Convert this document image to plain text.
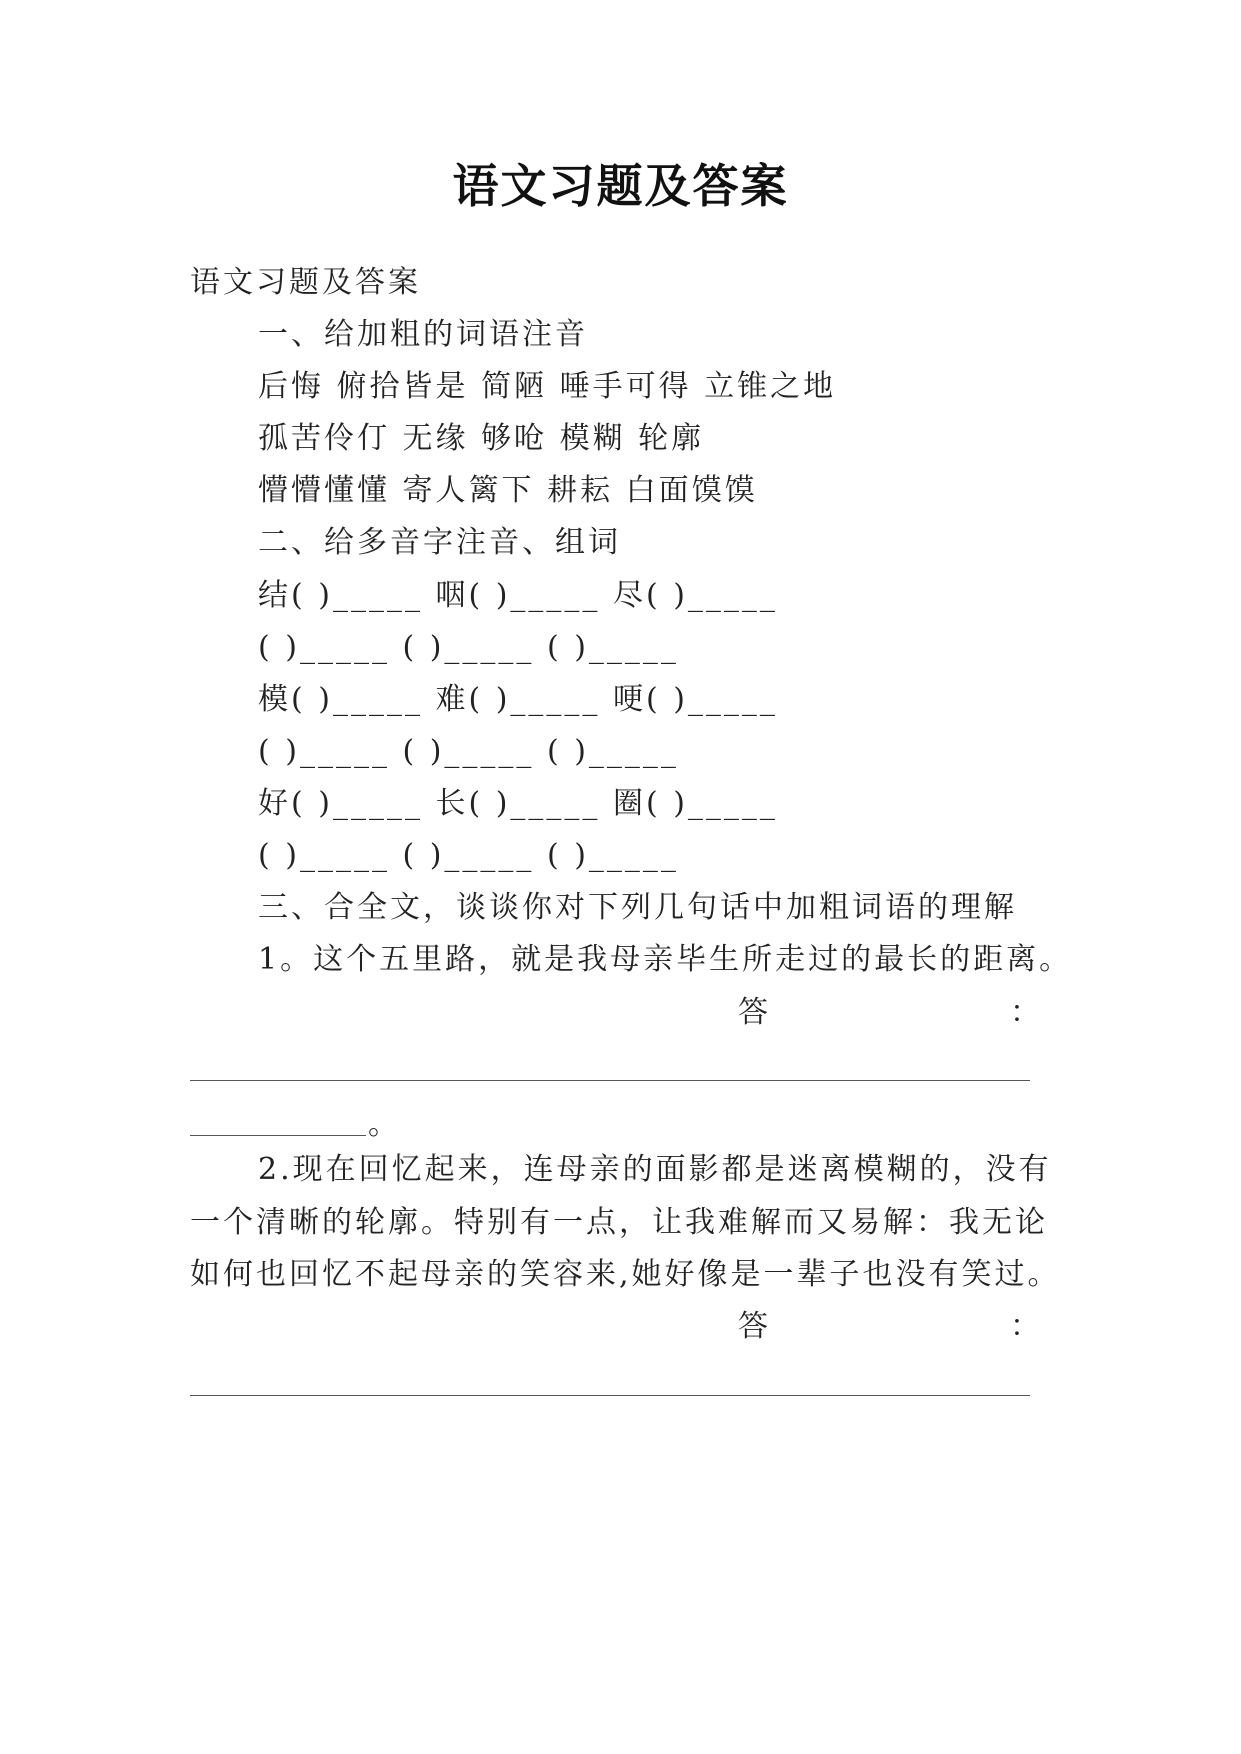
语文习题及答案
语文习题及答案
一、给加粗的词语注音
后悔 俯拾皆是 简陋 唾手可得 立锥之地
孤苦伶仃 无缘 够呛 模糊 轮廓
懵懵懂懂 寄人篱下 耕耘 白面馍馍
二、给多音字注音、组词
结( )_____ 咽( )_____ 尽( )_____
( )_____ ( )_____ ( )_____
模( )_____ 难( )_____ 哽( )_____
( )_____ ( )_____ ( )_____
好( )_____ 长( )_____ 圈( )_____
( )_____ ( )_____ ( )_____
三、合全文，谈谈你对下列几句话中加粗词语的理解
1。这个五里路，就是我母亲毕生所走过的最长的距离。
答	：
。
2.现在回忆起来，连母亲的面影都是迷离模糊的，没有
一个清晰的轮廓。特别有一点，让我难解而又易解：我无论
如何也回忆不起母亲的笑容来,她好像是一辈子也没有笑过。
答	：
